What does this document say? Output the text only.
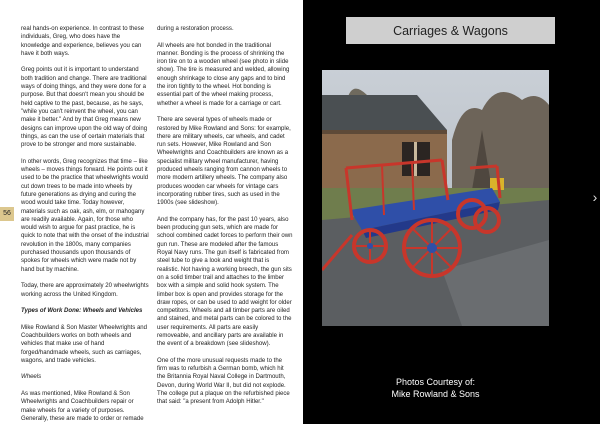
56

real hands-on experience. In contrast to these individuals, Greg, who does have the knowledge and experience, believes you can have it both ways.

Greg points out it is important to understand both tradition and change. There are traditional ways of doing things, and they were done for a purpose. But that doesn't mean you should be held captive to the past, because, as he says, "while you can't reinvent the wheel, you can make it better." And by that Greg means new designs can improve upon the old way of doing things, as can the use of certain materials that prove to be stronger and more sustainable.

In other words, Greg recognizes that time – like wheels – moves things forward. He points out it used to be the practice that wheelwrights would cut down trees to be made into wheels by future generations as drying and curing the wood would take time. Today however, materials such as oak, ash, elm, or mahogany are readily available. Again, for those who would wish to argue for past practice, he is quick to note that with the onset of the industrial revolution in the 1800s, many companies purchased thousands upon thousands of spokes for wheels which were made not by hand but by machine.

Today, there are approximately 20 wheelwrights working across the United Kingdom.

Types of Work Done: Wheels and Vehicles

Mike Rowland & Son Master Wheelwrights and Coachbuilders works on both wheels and vehicles that make use of hand forged/handmade wheels, such as carriages, wagons, and trade vehicles.

Wheels

As was mentioned, Mike Rowland & Son Wheelwrights and Coachbuilders repair or make wheels for a variety of purposes. Generally, these are made to order or remade

during a restoration process.

All wheels are hot bonded in the traditional manner. Bonding is the process of shrinking the iron tire on to a wooden wheel (see photo in slide show). The tire is measured and welded, allowing enough shrinkage to close any gaps and to bind the iron tightly to the wheel. Hot bonding is essential part of the wheel making process, whether a wheel is made for a carriage or cart.

There are several types of wheels made or restored by Mike Rowland and Sons: for example, there are military wheels, car wheels, and cadet run sets. However, Mike Rowland and Son Wheelwrights and Coachbuilders are known as a specialist military wheel manufacturer, having produced wheels ranging from cannon wheels to more modern artillery wheels. The company also produces wooden car wheels for vintage cars incorporating rubber tires, such as used in the 1900s (see slideshow).

And the company has, for the past 10 years, also been producing gun sets, which are made for school combined cadet forces to perform their own gun run. These are modeled after the famous Royal Navy runs. The gun itself is fabricated from steel tube to give a look and weight that is realistic. Not having a working breech, the gun sits on a solid timber trail and attaches to the limber box with a simple and solid hook system. The limber box is open and provides storage for the draw ropes, or can be used to add weight for older competitors. Wheels and all timber parts are oiled and stained, and metal parts can be colored to the user requirements. All parts are easily removeable, and ancillary parts are available in the event of a breakdown (see slideshow).

One of the more unusual requests made to the firm was to refurbish a German bomb, which hit the Britannia Royal Naval College in Dartmouth, Devon, during World War II, but did not explode. The college put a plaque on the refurbished piece that said: "a present from Adolph Hitler."

Carriages & Wagons
›
Photos Courtesy of:
Mike Rowland & Sons
